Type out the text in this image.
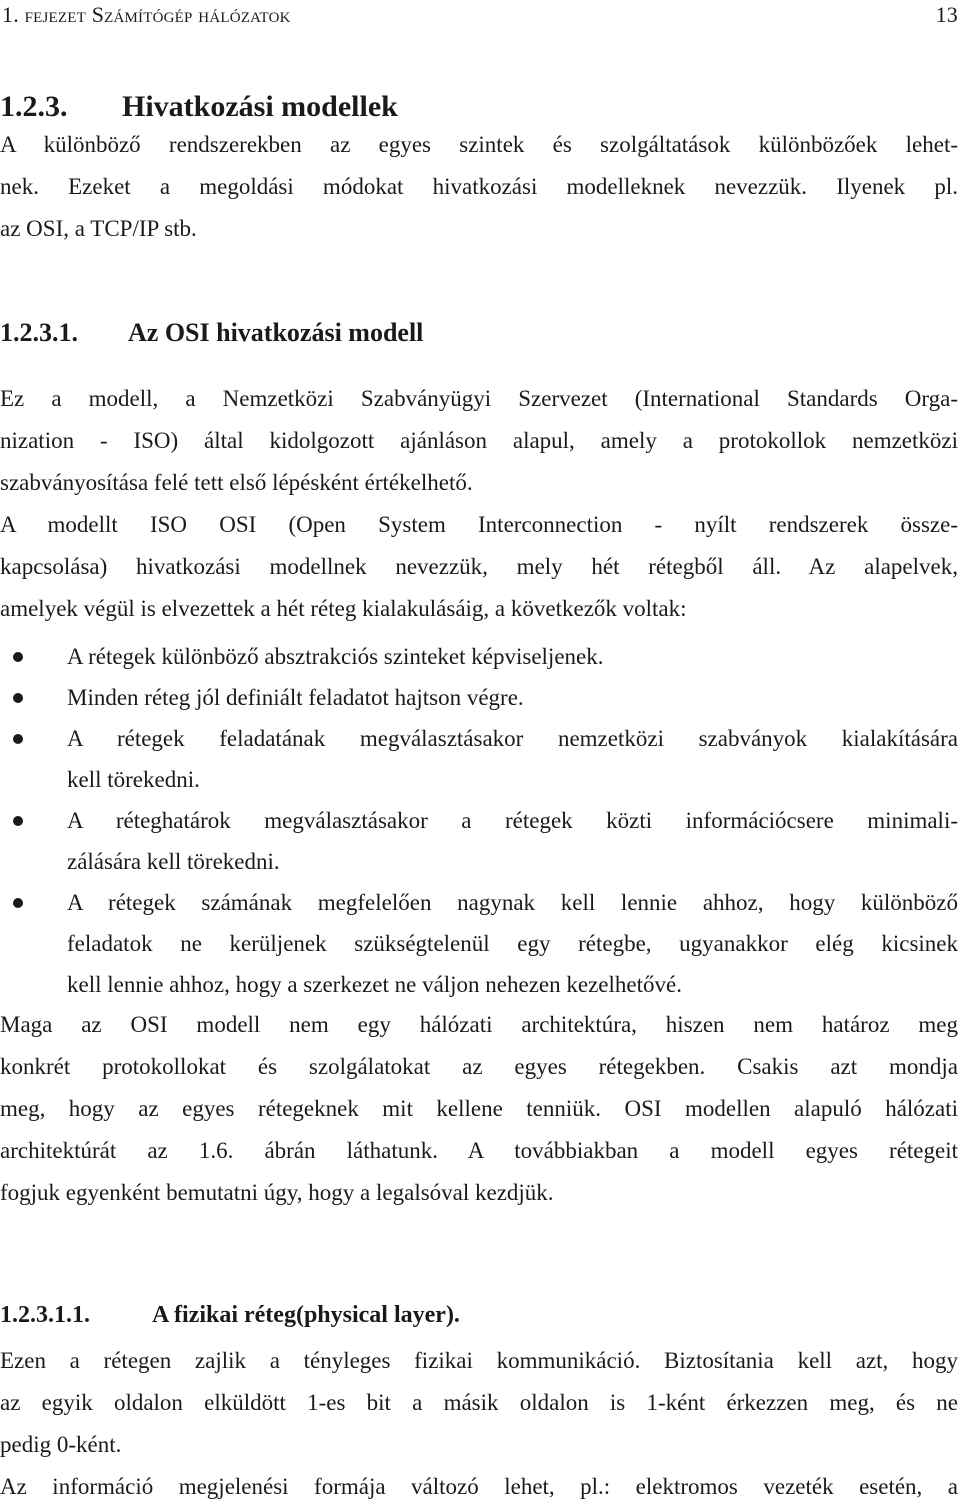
1. fejezet Számítógép hálózatok	13
1.2.3. Hivatkozási modellek
A különböző rendszerekben az egyes szintek és szolgáltatások különbözőek lehet-
nek. Ezeket a megoldási módokat hivatkozási modelleknek nevezzük. Ilyenek pl.
az OSI, a TCP/IP stb.
1.2.3.1. Az OSI hivatkozási modell
Ez a modell, a Nemzetközi Szabványügyi Szervezet (International Standards Orga-
nization - ISO) által kidolgozott ajánláson alapul, amely a protokollok nemzetközi
szabványosítása felé tett első lépésként értékelhető.
A modellt ISO OSI (Open System Interconnection - nyílt rendszerek össze-
kapcsolása) hivatkozási modellnek nevezzük, mely hét rétegből áll. Az alapelvek,
amelyek végül is elvezettek a hét réteg kialakulásáig, a következők voltak:
A rétegek különböző absztrakciós szinteket képviseljenek.
Minden réteg jól definiált feladatot hajtson végre.
A rétegek feladatának megválasztásakor nemzetközi szabványok kialakítására
kell törekedni.
A réteghatárok megválasztásakor a rétegek közti információcsere minimali-
zálására kell törekedni.
A rétegek számának megfelelően nagynak kell lennie ahhoz, hogy különböző
feladatok ne kerüljenek szükségtelenül egy rétegbe, ugyanakkor elég kicsinek
kell lennie ahhoz, hogy a szerkezet ne váljon nehezen kezelhetővé.
Maga az OSI modell nem egy hálózati architektúra, hiszen nem határoz meg
konkrét protokollokat és szolgálatokat az egyes rétegekben. Csakis azt mondja
meg, hogy az egyes rétegeknek mit kellene tenniük. OSI modellen alapuló hálózati
architektúrát az 1.6. ábrán láthatunk. A továbbiakban a modell egyes rétegeit
fogjuk egyenként bemutatni úgy, hogy a legalsóval kezdjük.
1.2.3.1.1.	A fizikai réteg(physical layer).
Ezen a rétegen zajlik a tényleges fizikai kommunikáció. Biztosítania kell azt, hogy
az egyik oldalon elküldött 1-es bit a másik oldalon is 1-ként érkezzen meg, és ne
pedig 0-ként.
Az információ megjelenési formája változó lehet, pl.: elektromos vezeték esetén, a
